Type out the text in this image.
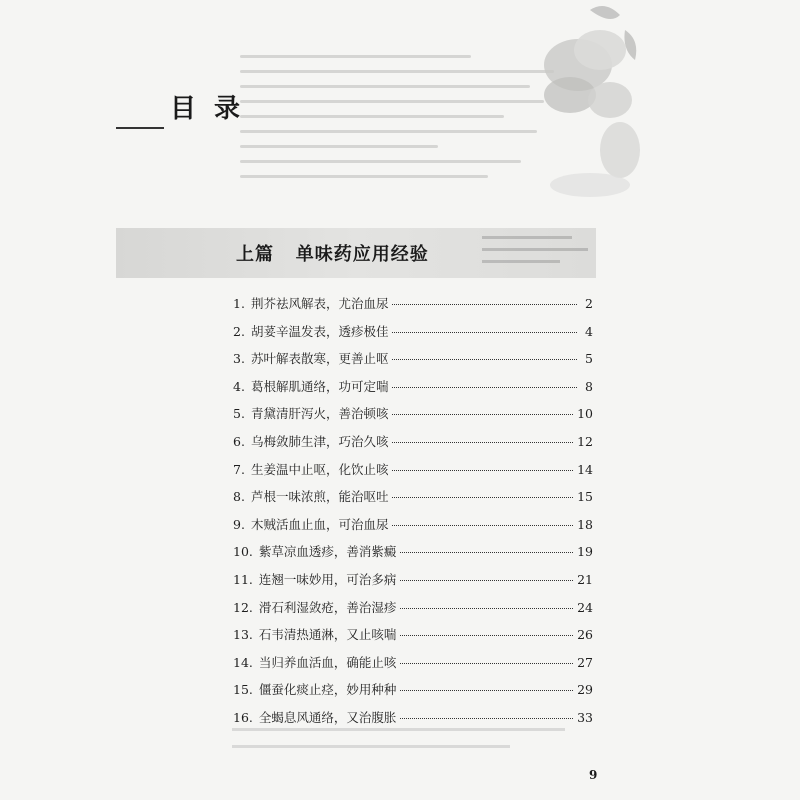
目录
上篇   单味药应用经验
1. 荆芥祛风解表，尤治血尿	2
2. 胡荽辛温发表，透疹极佳	4
3. 苏叶解表散寒，更善止呕	5
4. 葛根解肌通络，功可定喘	8
5. 青黛清肝泻火，善治顿咳	10
6. 乌梅敛肺生津，巧治久咳	12
7. 生姜温中止呕，化饮止咳	14
8. 芦根一味浓煎，能治呕吐	15
9. 木贼活血止血，可治血尿	18
10. 紫草凉血透疹，善消紫癜	19
11. 连翘一味妙用，可治多病	21
12. 滑石利湿敛疮，善治湿疹	24
13. 石韦清热通淋，又止咳喘	26
14. 当归养血活血，确能止咳	27
15. 僵蚕化痰止痉，妙用种种	29
16. 全蝎息风通络，又治腹胀	33
9
